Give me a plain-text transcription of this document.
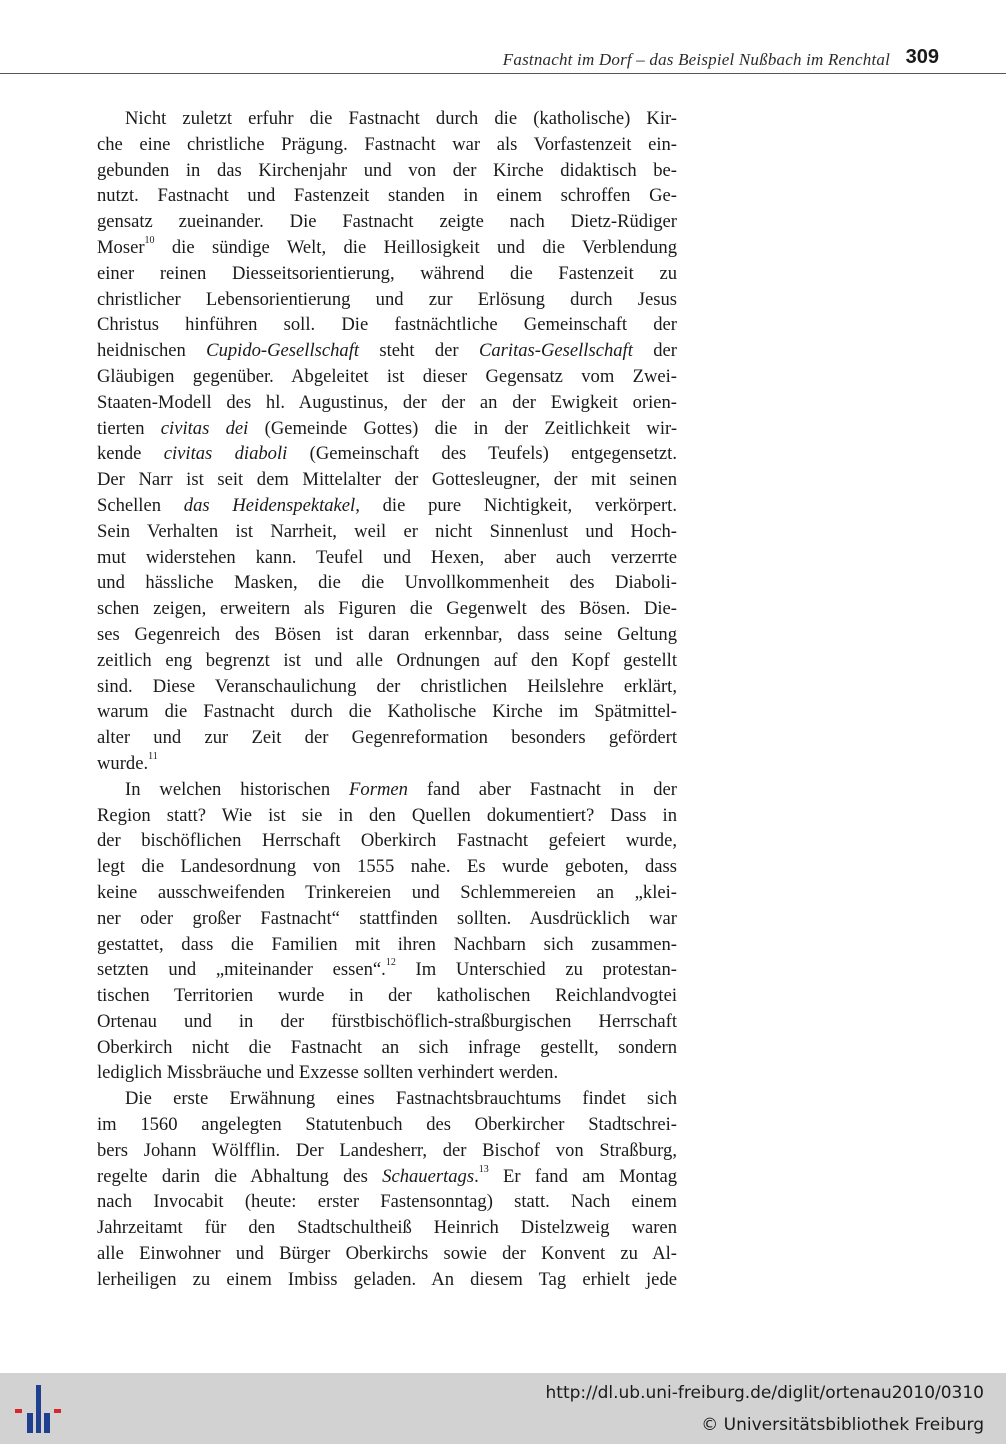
Fastnacht im Dorf – das Beispiel Nußbach im Renchtal 309
Nicht zuletzt erfuhr die Fastnacht durch die (katholische) Kir-
che eine christliche Prägung. Fastnacht war als Vorfastenzeit ein-
gebunden in das Kirchenjahr und von der Kirche didaktisch be-
nutzt. Fastnacht und Fastenzeit standen in einem schroffen Ge-
gensatz zueinander. Die Fastnacht zeigte nach Dietz-Rüdiger
Moser$^{10}$ die sündige Welt, die Heillosigkeit und die Verblendung
einer reinen Diesseitsorientierung, während die Fastenzeit zu
christlicher Lebensorientierung und zur Erlösung durch Jesus
Christus hinführen soll. Die fastnächtliche Gemeinschaft der
heidnischen Cupido-Gesellschaft steht der Caritas-Gesellschaft der
Gläubigen gegenüber. Abgeleitet ist dieser Gegensatz vom Zwei-
Staaten-Modell des hl. Augustinus, der der an der Ewigkeit orien-
tierten civitas dei (Gemeinde Gottes) die in der Zeitlichkeit wir-
kende civitas diaboli (Gemeinschaft des Teufels) entgegensetzt.
Der Narr ist seit dem Mittelalter der Gottesleugner, der mit seinen
Schellen das Heidenspektakel, die pure Nichtigkeit, verkörpert.
Sein Verhalten ist Narrheit, weil er nicht Sinnenlust und Hoch-
mut widerstehen kann. Teufel und Hexen, aber auch verzerrte
und hässliche Masken, die die Unvollkommenheit des Diaboli-
schen zeigen, erweitern als Figuren die Gegenwelt des Bösen. Die-
ses Gegenreich des Bösen ist daran erkennbar, dass seine Geltung
zeitlich eng begrenzt ist und alle Ordnungen auf den Kopf gestellt
sind. Diese Veranschaulichung der christlichen Heilslehre erklärt,
warum die Fastnacht durch die Katholische Kirche im Spätmittel-
alter und zur Zeit der Gegenreformation besonders gefördert
wurde.$^{11}$
In welchen historischen Formen fand aber Fastnacht in der
Region statt? Wie ist sie in den Quellen dokumentiert? Dass in
der bischöflichen Herrschaft Oberkirch Fastnacht gefeiert wurde,
legt die Landesordnung von 1555 nahe. Es wurde geboten, dass
keine ausschweifenden Trinkereien und Schlemmereien an „klei-
ner oder großer Fastnacht“ stattfinden sollten. Ausdrücklich war
gestattet, dass die Familien mit ihren Nachbarn sich zusammen-
setzten und „miteinander essen“.$^{12}$ Im Unterschied zu protestan-
tischen Territorien wurde in der katholischen Reichlandvogtei
Ortenau und in der fürstbischöflich-straßburgischen Herrschaft
Oberkirch nicht die Fastnacht an sich infrage gestellt, sondern
lediglich Missbräuche und Exzesse sollten verhindert werden.
Die erste Erwähnung eines Fastnachtsbrauchtums findet sich
im 1560 angelegten Statutenbuch des Oberkircher Stadtschrei-
bers Johann Wölfflin. Der Landesherr, der Bischof von Straßburg,
regelte darin die Abhaltung des Schauertags.$^{13}$ Er fand am Montag
nach Invocabit (heute: erster Fastensonntag) statt. Nach einem
Jahrzeitamt für den Stadtschultheiß Heinrich Distelzweig waren
alle Einwohner und Bürger Oberkirchs sowie der Konvent zu Al-
lerheiligen zu einem Imbiss geladen. An diesem Tag erhielt jede
http://dl.ub.uni-freiburg.de/diglit/ortenau2010/0310
© Universitätsbibliothek Freiburg
